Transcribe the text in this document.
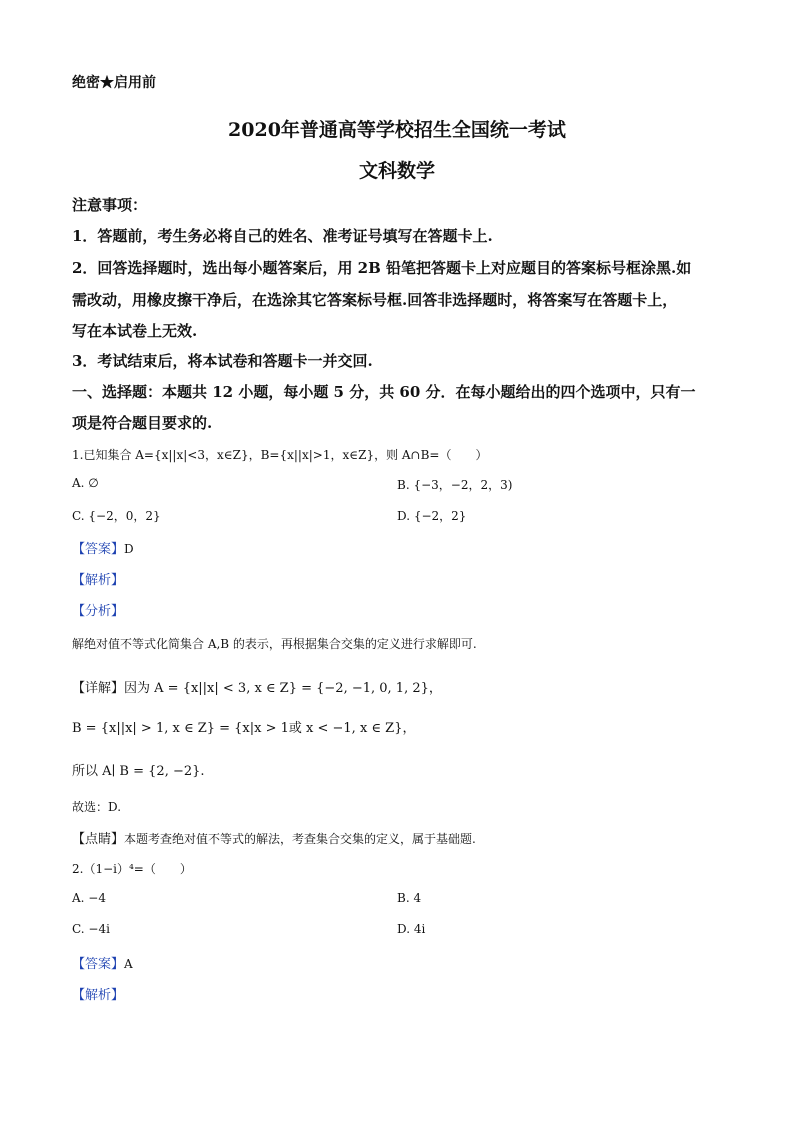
绝密★启用前
2020年普通高等学校招生全国统一考试
文科数学
注意事项：
1．答题前，考生务必将自己的姓名、准考证号填写在答题卡上.
2．回答选择题时，选出每小题答案后，用 2B 铅笔把答题卡上对应题目的答案标号框涂黑.如
需改动，用橡皮擦干净后，在选涂其它答案标号框.回答非选择题时，将答案写在答题卡上，
写在本试卷上无效.
3．考试结束后，将本试卷和答题卡一并交回.
一、选择题：本题共 12 小题，每小题 5 分，共 60 分．在每小题给出的四个选项中，只有一
项是符合题目要求的.
1.已知集合 A={x||x|<3，x∈Z}，B={x||x|>1，x∈Z}，则 A∩B=（　　）
A. ∅	B. {−3，−2，2，3)
C. {−2，0，2}	D. {−2，2}
【答案】D
【解析】
【分析】
解绝对值不等式化简集合 A,B 的表示，再根据集合交集的定义进行求解即可.
【详解】因为 A = {x||x| < 3, x ∈ Z} = {−2, −1, 0, 1, 2}，
B = {x||x| > 1, x ∈ Z} = {x|x > 1或 x < −1, x ∈ Z}，
所以 A∣ B = {2, −2}.
故选：D.
【点睛】本题考查绝对值不等式的解法，考查集合交集的定义，属于基础题.
2.（1−i）⁴=（　　）
A. −4	B. 4
C. −4i	D. 4i
【答案】A
【解析】
